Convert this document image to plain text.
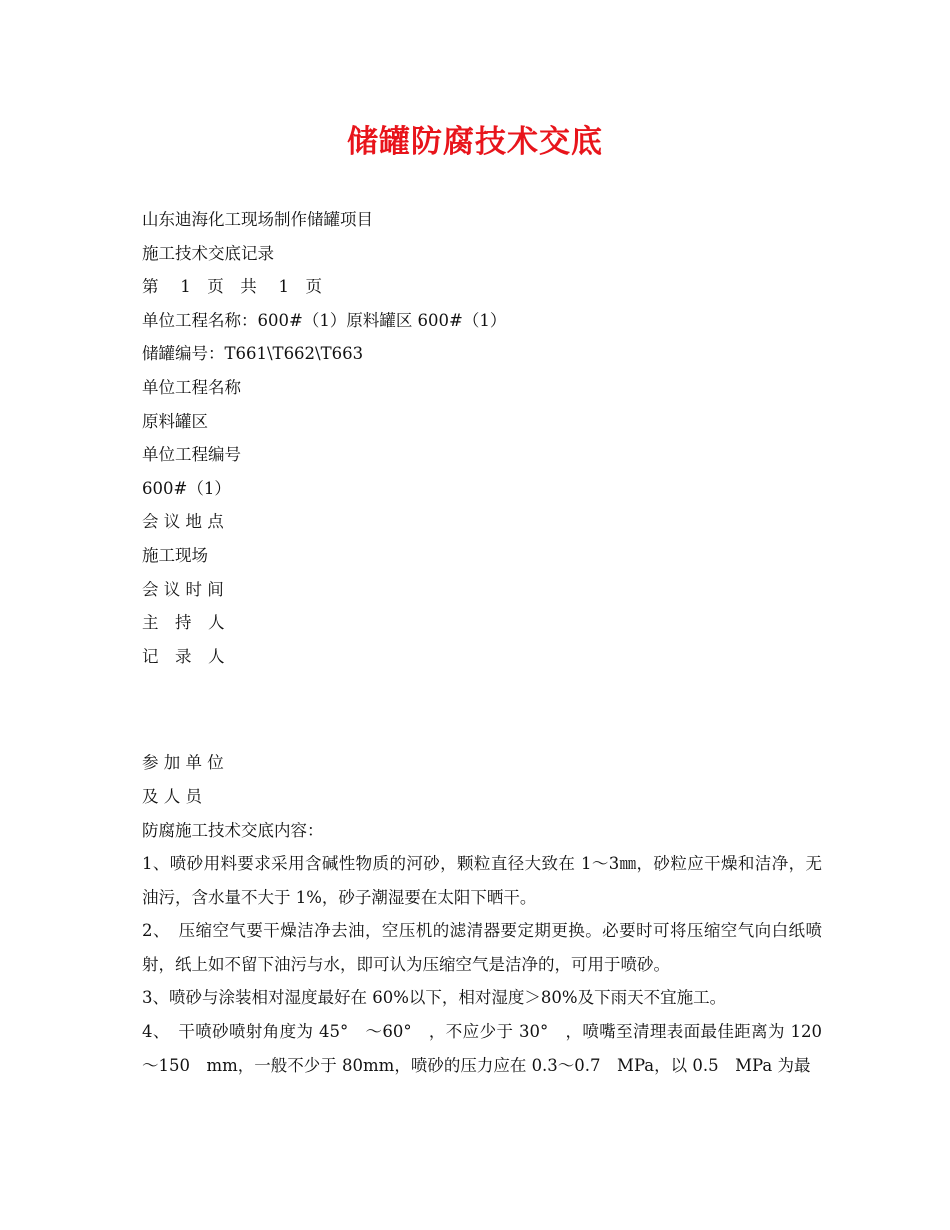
储罐防腐技术交底
山东迪海化工现场制作储罐项目
施工技术交底记录
第　 1　页　共　 1　页
单位工程名称：600#（1）原料罐区 600#（1）
储罐编号：T661\T662\T663
单位工程名称
原料罐区
单位工程编号
600#（1）
会 议 地 点
施工现场
会 议 时 间
主　持　人
记　录　人
参 加 单 位
及 人 员
防腐施工技术交底内容：
1、喷砂用料要求采用含碱性物质的河砂，颗粒直径大致在 1～3㎜，砂粒应干燥和洁净，无油污，含水量不大于 1%，砂子潮湿要在太阳下晒干。
2、　压缩空气要干燥洁净去油，空压机的滤清器要定期更换。必要时可将压缩空气向白纸喷射，纸上如不留下油污与水，即可认为压缩空气是洁净的，可用于喷砂。
3、喷砂与涂装相对湿度最好在 60%以下，相对湿度＞80%及下雨天不宜施工。
4、　干喷砂喷射角度为 45°　～60°　，不应少于 30°　，喷嘴至清理表面最佳距离为 120～150　mm，一般不少于 80mm，喷砂的压力应在 0.3～0.7　MPa，以 0.5　MPa 为最
